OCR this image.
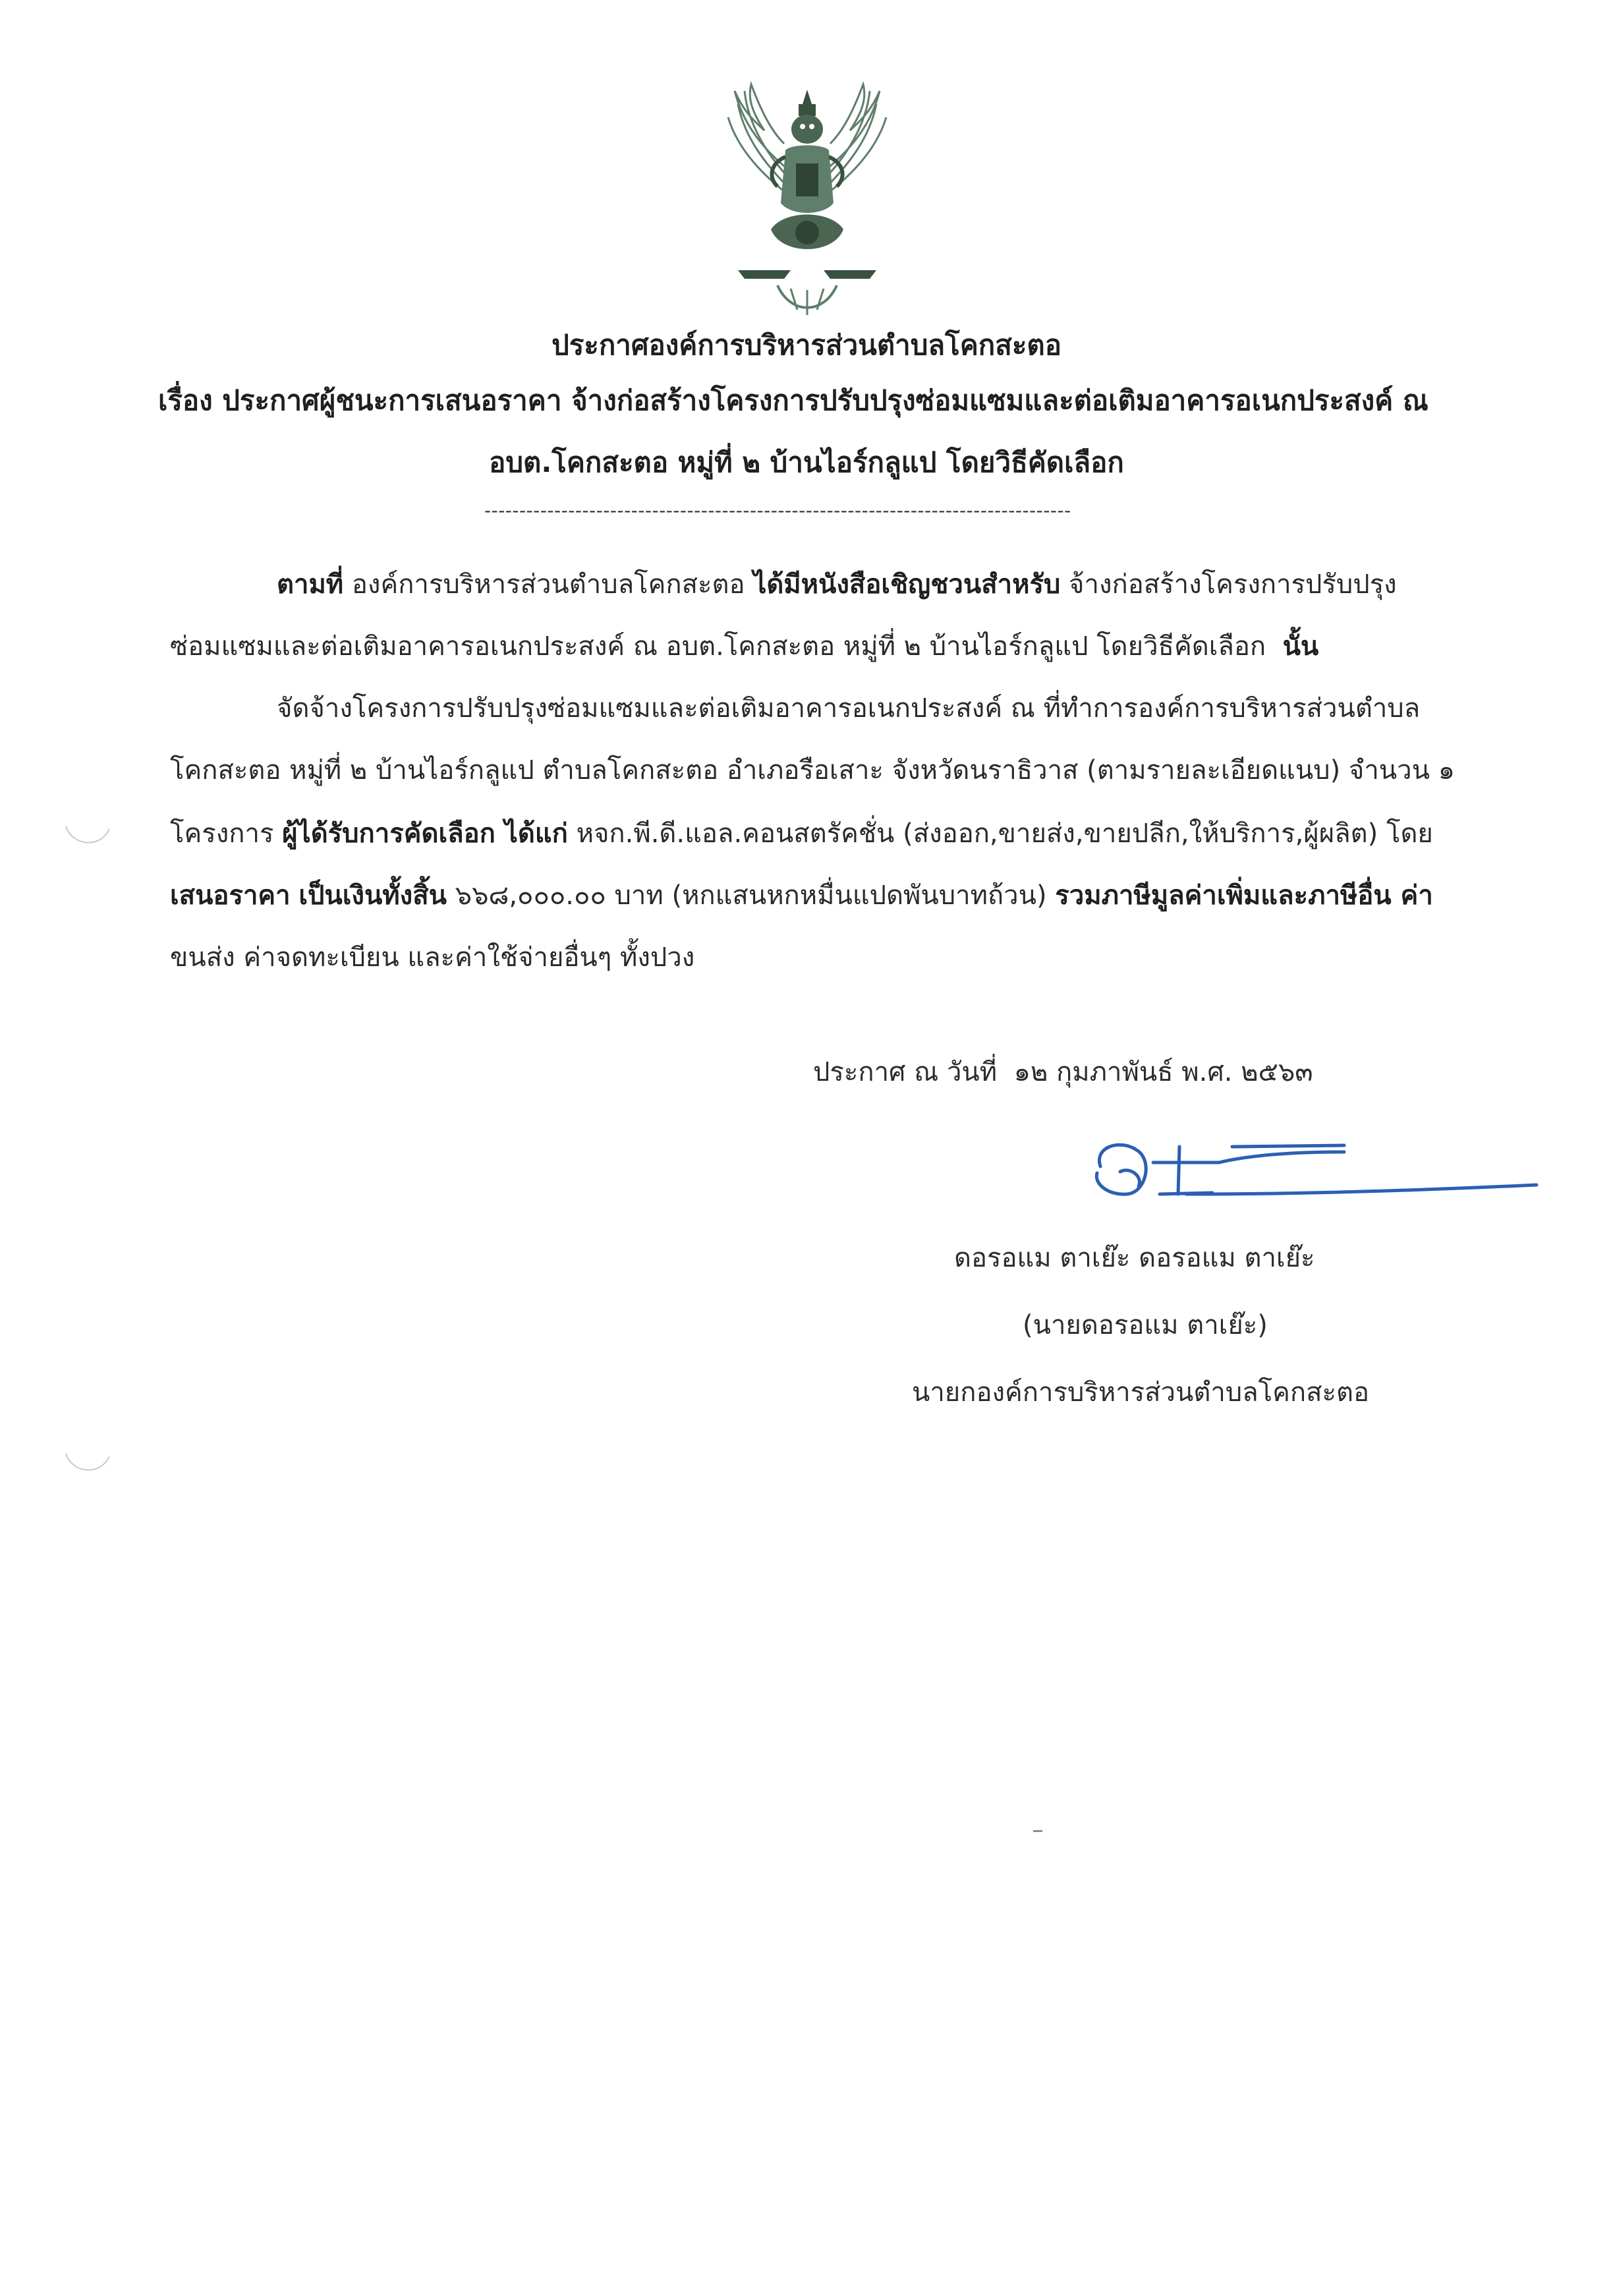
ประกาศองค์การบริหารส่วนตำบลโคกสะตอ
เรื่อง ประกาศผู้ชนะการเสนอราคา จ้างก่อสร้างโครงการปรับปรุงซ่อมแซมและต่อเติมอาคารอเนกประสงค์ ณ
อบต.โคกสะตอ หมู่ที่ ๒ บ้านไอร์กลูแป โดยวิธีคัดเลือก
------------------------------------------------------------------------------------
ตามที่ องค์การบริหารส่วนตำบลโคกสะตอ ได้มีหนังสือเชิญชวนสำหรับ จ้างก่อสร้างโครงการปรับปรุง
ซ่อมแซมและต่อเติมอาคารอเนกประสงค์ ณ อบต.โคกสะตอ หมู่ที่ ๒ บ้านไอร์กลูแป โดยวิธีคัดเลือก นั้น
จัดจ้างโครงการปรับปรุงซ่อมแซมและต่อเติมอาคารอเนกประสงค์ ณ ที่ทำการองค์การบริหารส่วนตำบล
โคกสะตอ หมู่ที่ ๒ บ้านไอร์กลูแป ตำบลโคกสะตอ อำเภอรือเสาะ จังหวัดนราธิวาส (ตามรายละเอียดแนบ) จำนวน ๑
โครงการ ผู้ได้รับการคัดเลือก ได้แก่ หจก.พี.ดี.แอล.คอนสตรัคชั่น (ส่งออก,ขายส่ง,ขายปลีก,ให้บริการ,ผู้ผลิต) โดย
เสนอราคา เป็นเงินทั้งสิ้น ๖๖๘,๐๐๐.๐๐ บาท (หกแสนหกหมื่นแปดพันบาทถ้วน) รวมภาษีมูลค่าเพิ่มและภาษีอื่น ค่า
ขนส่ง ค่าจดทะเบียน และค่าใช้จ่ายอื่นๆ ทั้งปวง
ประกาศ ณ วันที่ ๑๒ กุมภาพันธ์ พ.ศ. ๒๕๖๓
ดอรอแม ตาเย๊ะ ดอรอแม ตาเย๊ะ
(นายดอรอแม ตาเย๊ะ)
นายกองค์การบริหารส่วนตำบลโคกสะตอ
